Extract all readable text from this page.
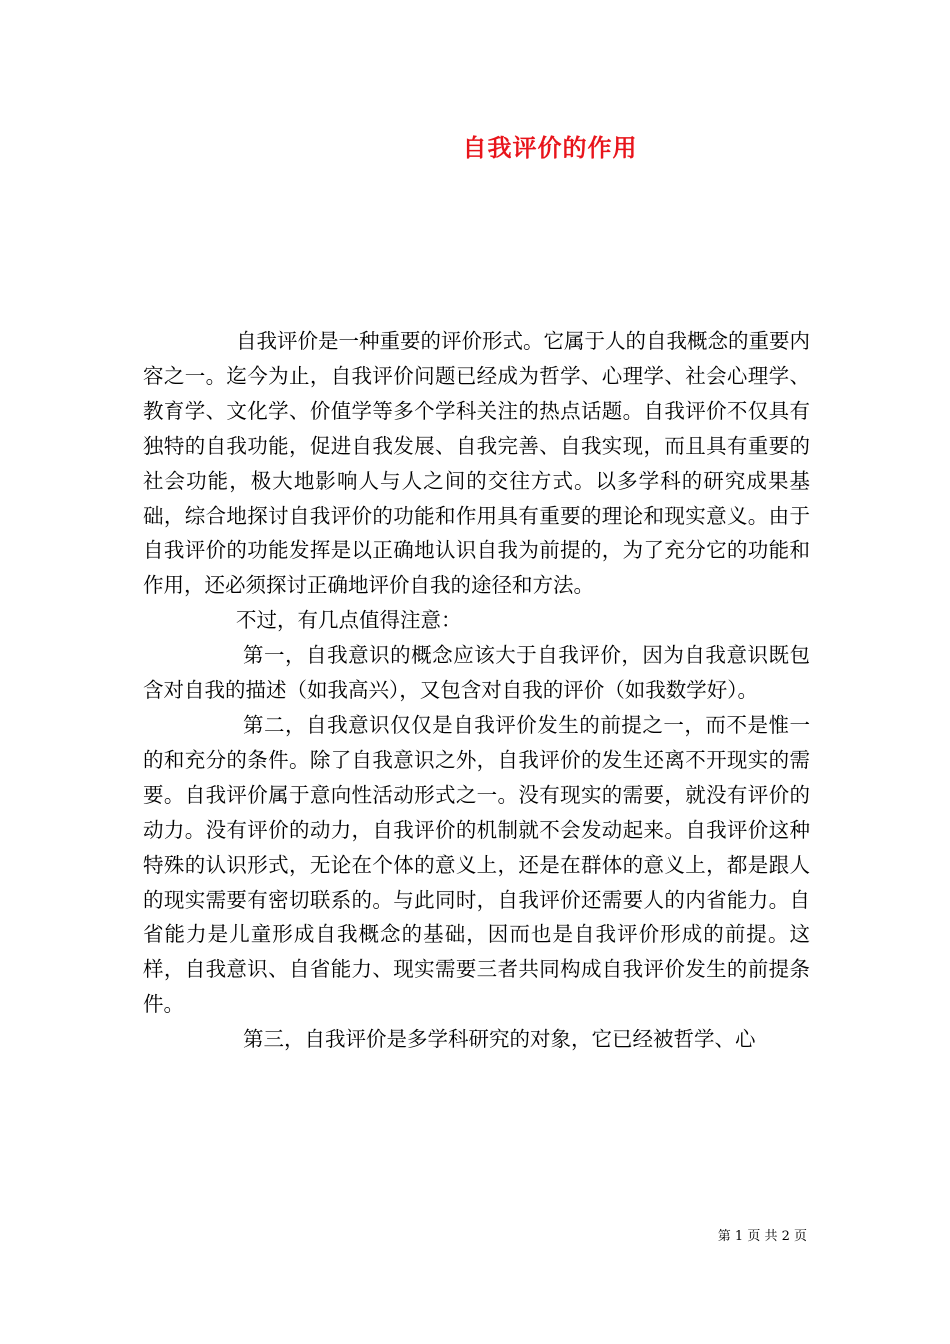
自我评价的作用

自我评价是一种重要的评价形式。它属于人的自我概念的重要内容之一。迄今为止，自我评价问题已经成为哲学、心理学、社会心理学、教育学、文化学、价值学等多个学科关注的热点话题。自我评价不仅具有独特的自我功能，促进自我发展、自我完善、自我实现，而且具有重要的社会功能，极大地影响人与人之间的交往方式。以多学科的研究成果基础，综合地探讨自我评价的功能和作用具有重要的理论和现实意义。由于自我评价的功能发挥是以正确地认识自我为前提的，为了充分它的功能和作用，还必须探讨正确地评价自我的途径和方法。

不过，有几点值得注意：

第一，自我意识的概念应该大于自我评价，因为自我意识既包含对自我的描述（如我高兴），又包含对自我的评价（如我数学好）。

第二，自我意识仅仅是自我评价发生的前提之一，而不是惟一的和充分的条件。除了自我意识之外，自我评价的发生还离不开现实的需要。自我评价属于意向性活动形式之一。没有现实的需要，就没有评价的动力。没有评价的动力，自我评价的机制就不会发动起来。自我评价这种特殊的认识形式，无论在个体的意义上，还是在群体的意义上，都是跟人的现实需要有密切联系的。与此同时，自我评价还需要人的内省能力。自省能力是儿童形成自我概念的基础，因而也是自我评价形成的前提。这样，自我意识、自省能力、现实需要三者共同构成自我评价发生的前提条件。

第三，自我评价是多学科研究的对象，它已经被哲学、心

第 1 页 共 2 页
